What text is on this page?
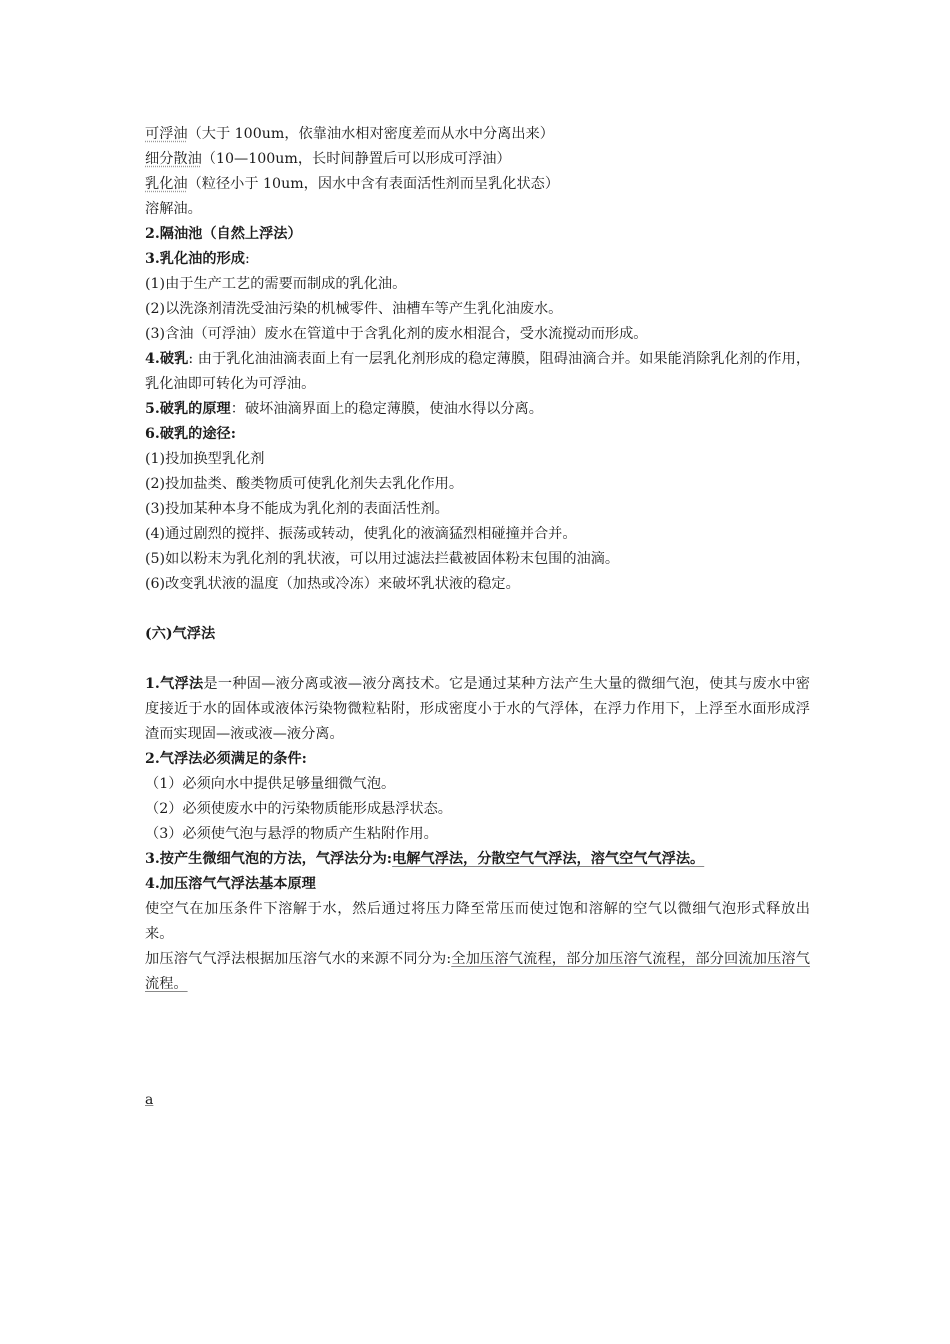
可浮油（大于 100um，依靠油水相对密度差而从水中分离出来）

细分散油（10—100um，长时间静置后可以形成可浮油）

乳化油（粒径小于 10um，因水中含有表面活性剂而呈乳化状态）

溶解油。

2.隔油池（自然上浮法）

3.乳化油的形成:

(1)由于生产工艺的需要而制成的乳化油。

(2)以洗涤剂清洗受油污染的机械零件、油槽车等产生乳化油废水。

(3)含油（可浮油）废水在管道中于含乳化剂的废水相混合，受水流搅动而形成。

4.破乳: 由于乳化油油滴表面上有一层乳化剂形成的稳定薄膜，阻碍油滴合并。如果能消除乳化剂的作用，乳化油即可转化为可浮油。

5.破乳的原理：破坏油滴界面上的稳定薄膜，使油水得以分离。

6.破乳的途径:

(1)投加换型乳化剂

(2)投加盐类、酸类物质可使乳化剂失去乳化作用。

(3)投加某种本身不能成为乳化剂的表面活性剂。

(4)通过剧烈的搅拌、振荡或转动，使乳化的液滴猛烈相碰撞并合并。

(5)如以粉末为乳化剂的乳状液，可以用过滤法拦截被固体粉末包围的油滴。

(6)改变乳状液的温度（加热或冷冻）来破坏乳状液的稳定。

(六)气浮法

1.气浮法是一种固—液分离或液—液分离技术。它是通过某种方法产生大量的微细气泡，使其与废水中密度接近于水的固体或液体污染物微粒粘附，形成密度小于水的气浮体，在浮力作用下，上浮至水面形成浮渣而实现固—液或液—液分离。

2.气浮法必须满足的条件:

（1）必须向水中提供足够量细微气泡。

（2）必须使废水中的污染物质能形成悬浮状态。

（3）必须使气泡与悬浮的物质产生粘附作用。

3.按产生微细气泡的方法，气浮法分为:电解气浮法，分散空气气浮法，溶气空气气浮法。

4.加压溶气气浮法基本原理

使空气在加压条件下溶解于水，然后通过将压力降至常压而使过饱和溶解的空气以微细气泡形式释放出来。

加压溶气气浮法根据加压溶气水的来源不同分为:全加压溶气流程，部分加压溶气流程，部分回流加压溶气流程。

a
